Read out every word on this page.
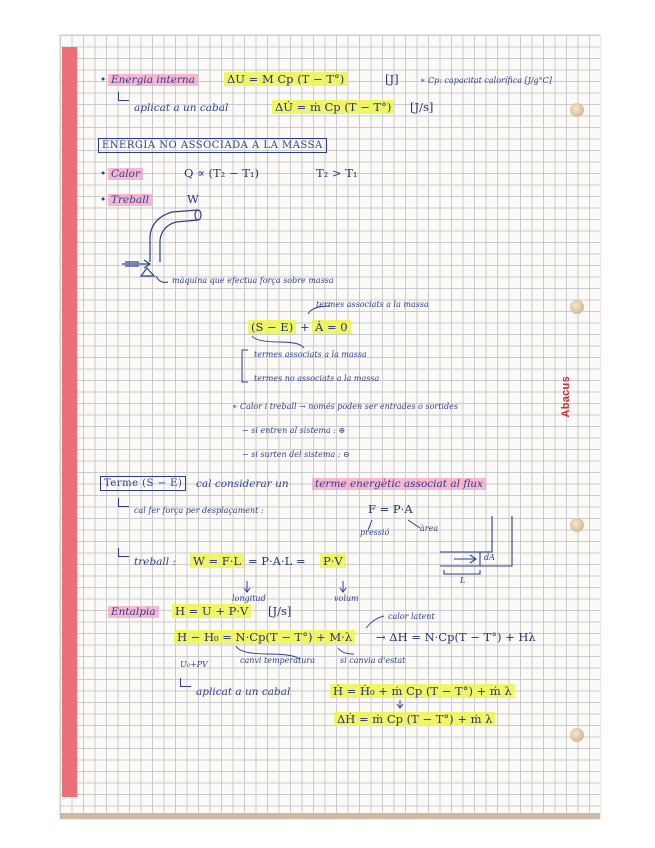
Abacus
• Energia interna	ΔU = M Cp (T − T°)	[J]	∗ Cp: capacitat calorífica [J/g°C]
aplicat a un cabal	ΔU̇ = ṁ Cp (T − T°) [J/s]
ENERGIA NO ASSOCIADA A LA MASSA
• Calor	Q ∝ (T₂ − T₁)	T₂ > T₁
• Treball	W
màquina que efectua força sobre massa
termes associats a la massa
(S − E) + Ȧ = 0
termes associats a la massa
termes no associats a la massa
∗ Calor i treball → només poden ser entrades o sortides
− si entren al sistema : ⊕
− si surten del sistema : ⊖
Terme (S − E)	cal considerar un	terme energètic associat al flux
cal fer força per desplaçament :	F = P·A
pressió	àrea
dA
L
treball : W = F·L = P·A·L = P·V
longitud	volum
Entalpia H = U + P·V [J/s]	calor latent
H − H₀ = N·Cp(T − T°) + M·λ → ΔH = N·Cp(T − T°) + Hλ
U₀+PV	canvi temperatura	si canvia d'estat
aplicat a un cabal	Ḣ = Ḣ₀ + ṁ Cp (T − T°) + ṁ λ
ΔḢ = ṁ Cp (T − T°) + ṁ λ
